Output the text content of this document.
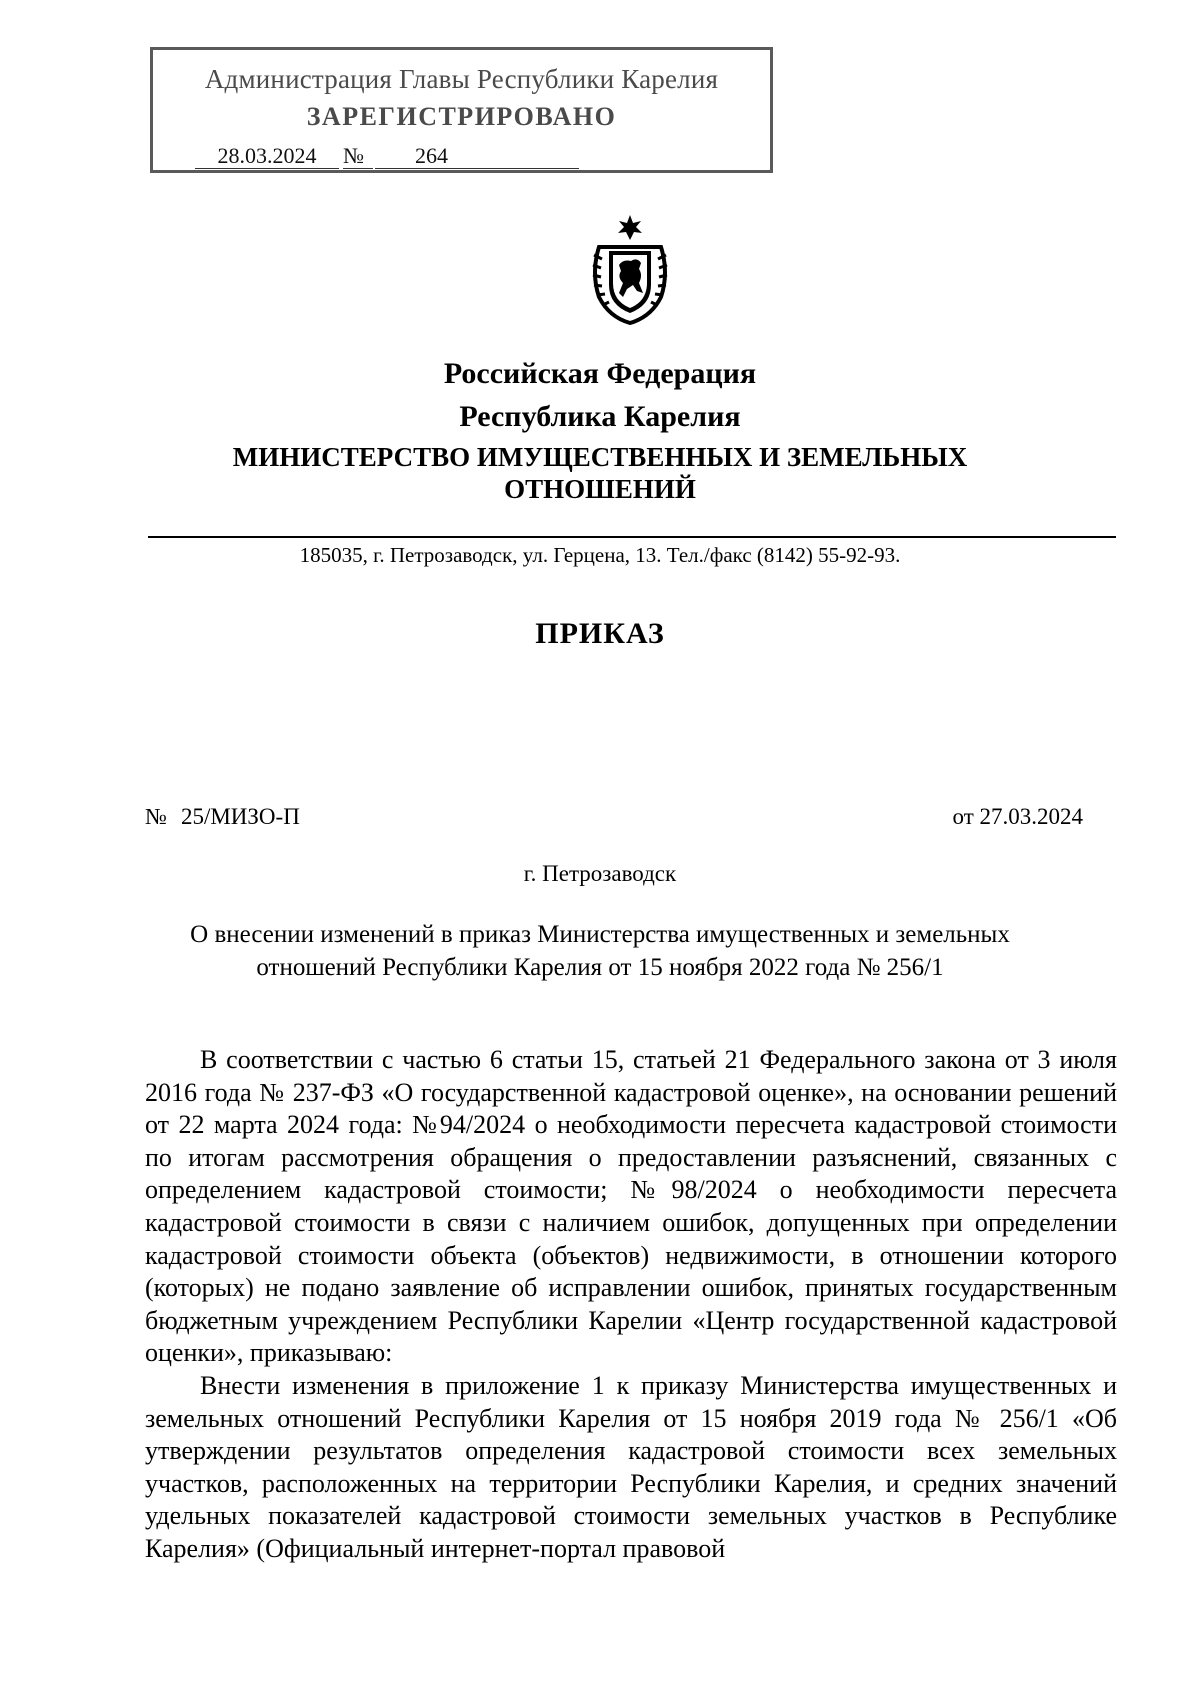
Администрация Главы Республики Карелия
ЗАРЕГИСТРИРОВАНО
28.03.2024	№	264
Российская Федерация
Республика Карелия
МИНИСТЕРСТВО ИМУЩЕСТВЕННЫХ И ЗЕМЕЛЬНЫХ
ОТНОШЕНИЙ
185035, г. Петрозаводск, ул. Герцена, 13. Тел./факс (8142) 55-92-93.
ПРИКАЗ
№ 25/МИЗО-П	от 27.03.2024
г. Петрозаводск
О внесении изменений в приказ Министерства имущественных и земельных
отношений Республики Карелия от 15 ноября 2022 года № 256/1

В соответствии с частью 6 статьи 15, статьей 21 Федерального закона от 3 июля 2016 года № 237-ФЗ «О государственной кадастровой оценке», на основании решений от 22 марта 2024 года: №94/2024 о необходимости пересчета кадастровой стоимости по итогам рассмотрения обращения о предоставлении разъяснений, связанных с определением кадастровой стоимости; №98/2024 о необходимости пересчета кадастровой стоимости в связи с наличием ошибок, допущенных при определении кадастровой стоимости объекта (объектов) недвижимости, в отношении которого (которых) не подано заявление об исправлении ошибок, принятых государственным бюджетным учреждением Республики Карелии «Центр государственной кадастровой оценки», приказываю:

Внести изменения в приложение 1 к приказу Министерства имущественных и земельных отношений Республики Карелия от 15 ноября 2019 года № 256/1 «Об утверждении результатов определения кадастровой стоимости всех земельных участков, расположенных на территории Республики Карелия, и средних значений удельных показателей кадастровой стоимости земельных участков в Республике Карелия» (Официальный интернет-портал правовой
